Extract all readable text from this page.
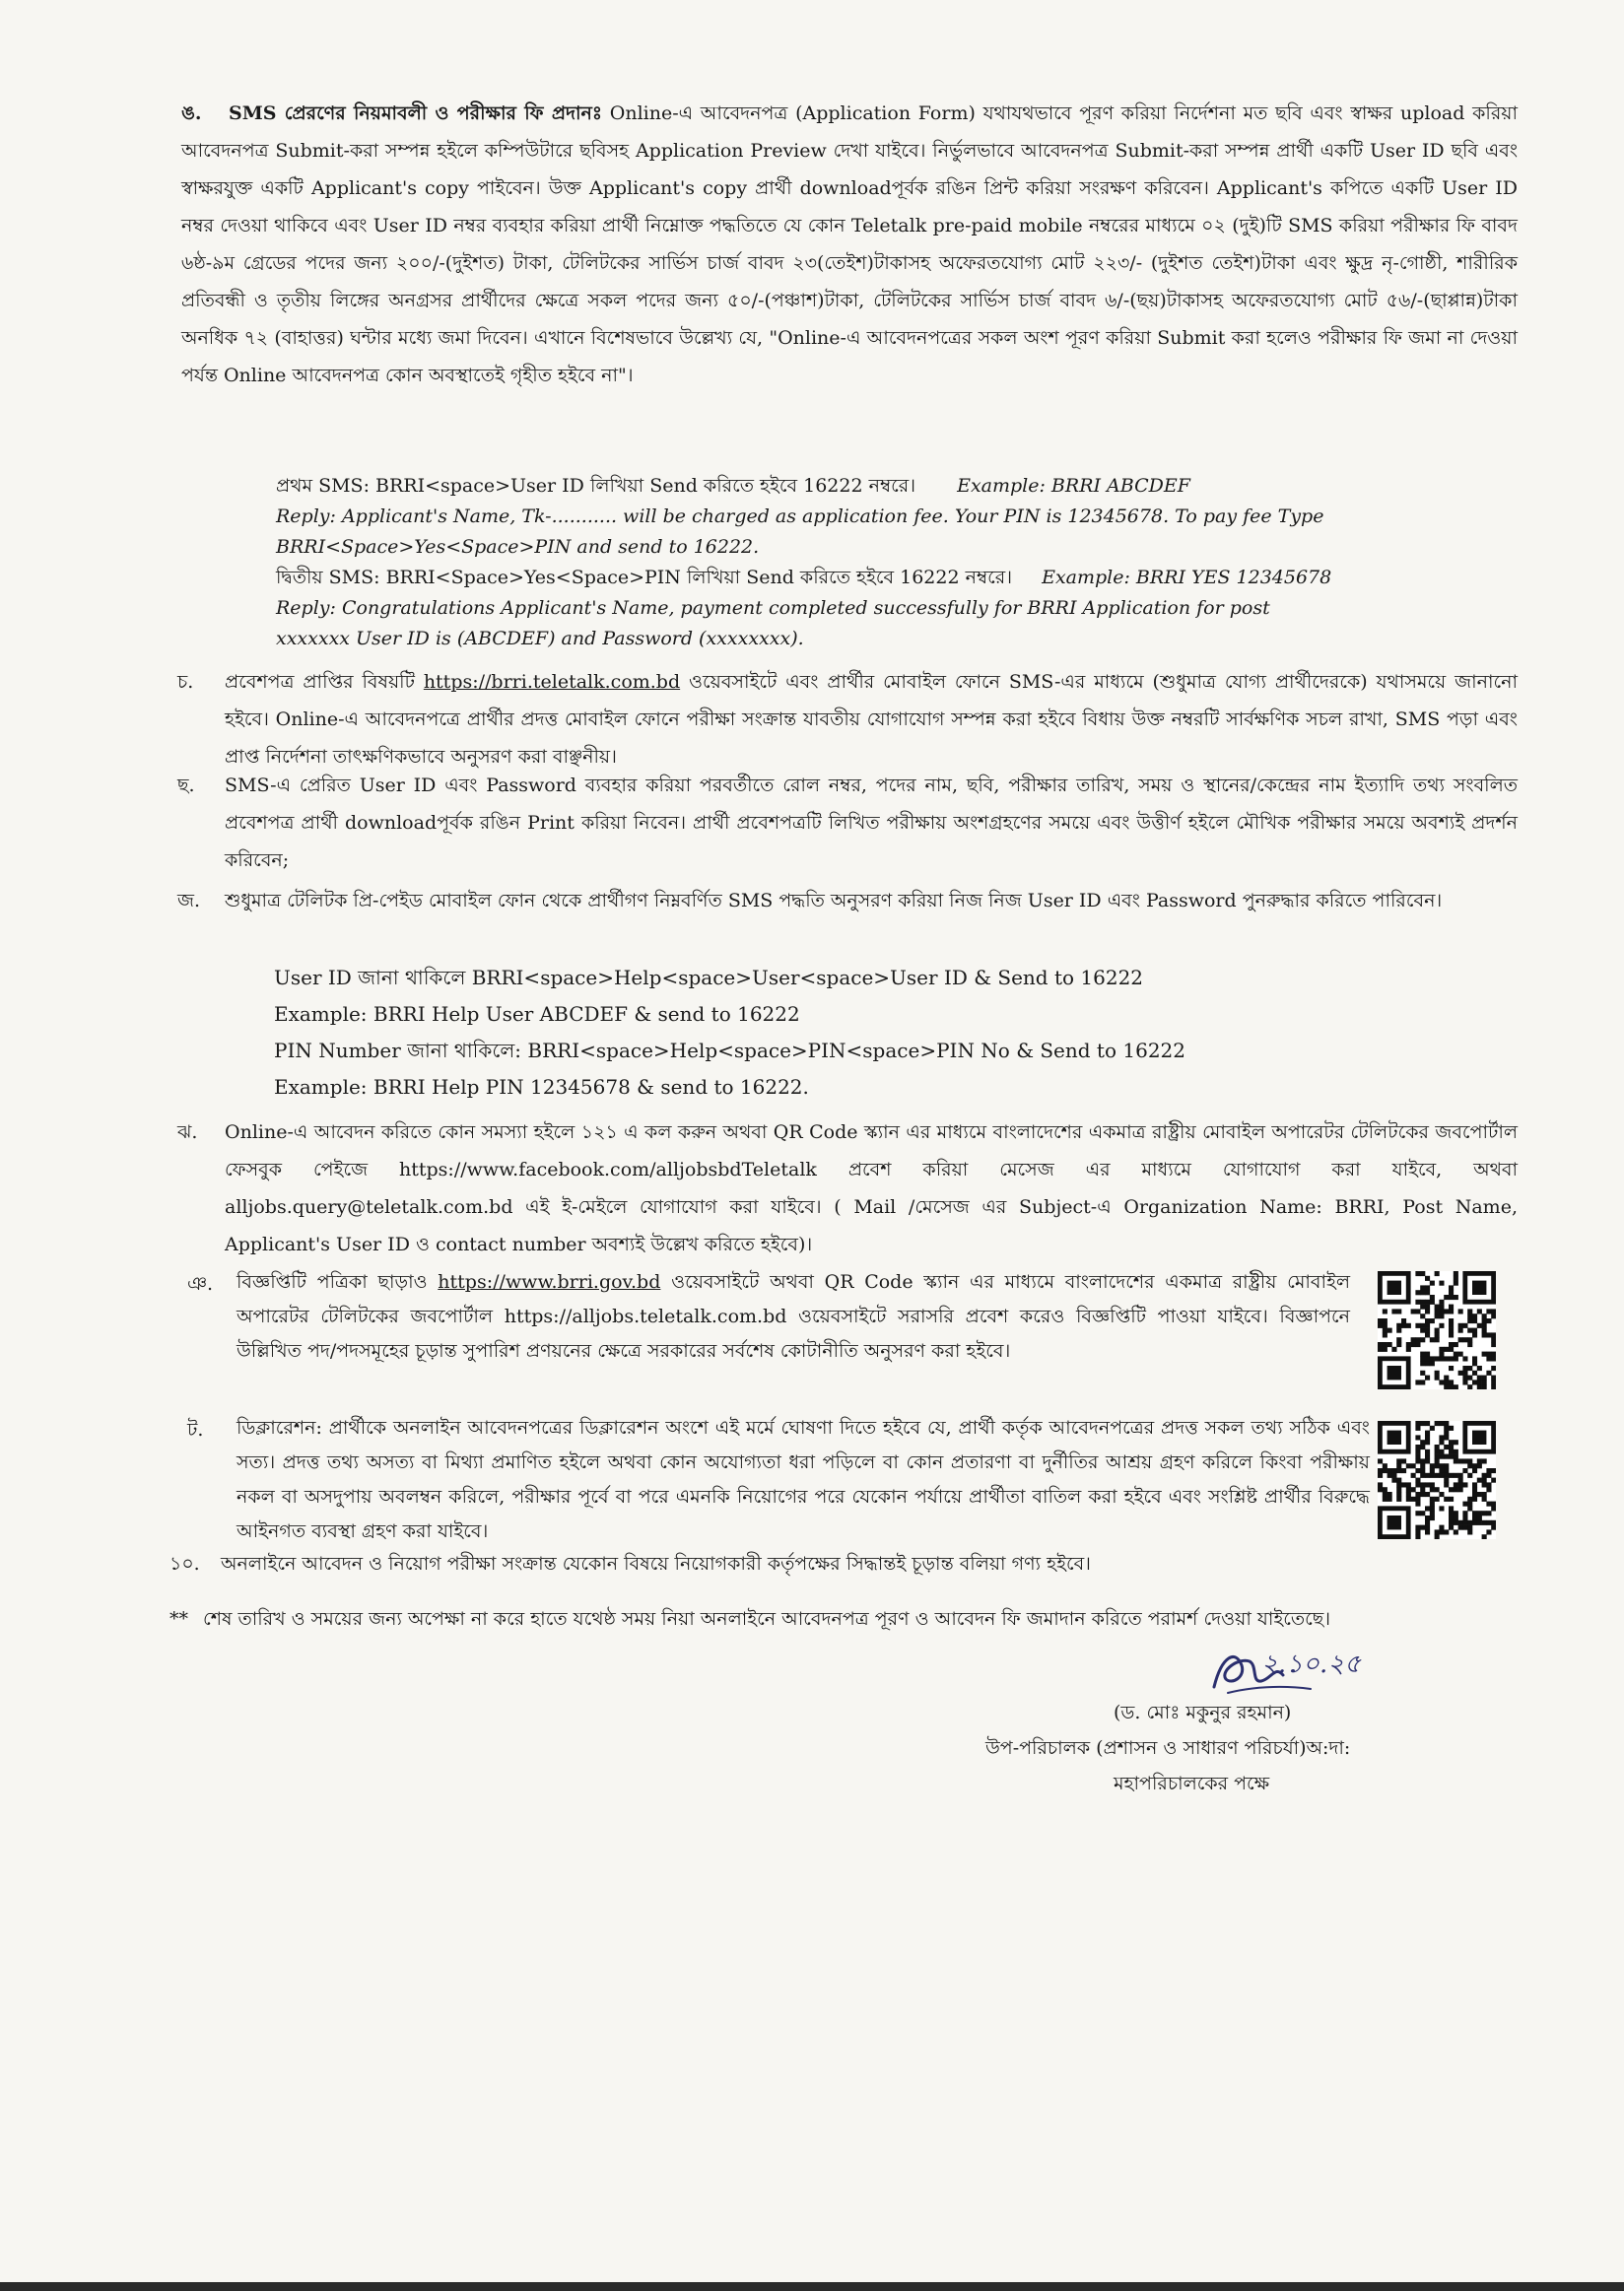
ঙ.	SMS প্রেরণের নিয়মাবলী ও পরীক্ষার ফি প্রদানঃ Online-এ আবেদনপত্র (Application Form) যথাযথভাবে পূরণ করিয়া নির্দেশনা মত ছবি এবং স্বাক্ষর upload করিয়া আবেদনপত্র Submit-করা সম্পন্ন হইলে কম্পিউটারে ছবিসহ Application Preview দেখা যাইবে। নির্ভুলভাবে আবেদনপত্র Submit-করা সম্পন্ন প্রার্থী একটি User ID ছবি এবং স্বাক্ষরযুক্ত একটি Applicant's copy পাইবেন। উক্ত Applicant's copy প্রার্থী downloadপূর্বক রঙিন প্রিন্ট করিয়া সংরক্ষণ করিবেন। Applicant's কপিতে একটি User ID নম্বর দেওয়া থাকিবে এবং User ID নম্বর ব্যবহার করিয়া প্রার্থী নিম্নোক্ত পদ্ধতিতে যে কোন Teletalk pre-paid mobile নম্বরের মাধ্যমে ০২ (দুই)টি SMS করিয়া পরীক্ষার ফি বাবদ ৬ষ্ঠ-৯ম গ্রেডের পদের জন্য ২০০/-(দুইশত) টাকা, টেলিটকের সার্ভিস চার্জ বাবদ ২৩(তেইশ)টাকাসহ অফেরতযোগ্য মোট ২২৩/- (দুইশত তেইশ)টাকা এবং ক্ষুদ্র নৃ-গোষ্ঠী, শারীরিক প্রতিবন্ধী ও তৃতীয় লিঙ্গের অনগ্রসর প্রার্থীদের ক্ষেত্রে সকল পদের জন্য ৫০/-(পঞ্চাশ)টাকা, টেলিটকের সার্ভিস চার্জ বাবদ ৬/-(ছয়)টাকাসহ অফেরতযোগ্য মোট ৫৬/-(ছাপ্পান্ন)টাকা অনধিক ৭২ (বাহাত্তর) ঘন্টার মধ্যে জমা দিবেন। এখানে বিশেষভাবে উল্লেখ্য যে, "Online-এ আবেদনপত্রের সকল অংশ পূরণ করিয়া Submit করা হলেও পরীক্ষার ফি জমা না দেওয়া পর্যন্ত Online আবেদনপত্র কোন অবস্থাতেই গৃহীত হইবে না"।
প্রথম SMS: BRRI<space>User ID লিখিয়া Send করিতে হইবে 16222 নম্বরে। Example: BRRI ABCDEF
Reply: Applicant's Name, Tk-........... will be charged as application fee. Your PIN is 12345678. To pay fee Type
BRRI<Space>Yes<Space>PIN and send to 16222.
দ্বিতীয় SMS: BRRI<Space>Yes<Space>PIN লিখিয়া Send করিতে হইবে 16222 নম্বরে। Example: BRRI YES 12345678
Reply: Congratulations Applicant's Name, payment completed successfully for BRRI Application for post
xxxxxxx User ID is (ABCDEF) and Password (xxxxxxxx).
চ. প্রবেশপত্র প্রাপ্তির বিষয়টি https://brri.teletalk.com.bd ওয়েবসাইটে এবং প্রার্থীর মোবাইল ফোনে SMS-এর মাধ্যমে (শুধুমাত্র যোগ্য প্রার্থীদেরকে) যথাসময়ে জানানো হইবে। Online-এ আবেদনপত্রে প্রার্থীর প্রদত্ত মোবাইল ফোনে পরীক্ষা সংক্রান্ত যাবতীয় যোগাযোগ সম্পন্ন করা হইবে বিধায় উক্ত নম্বরটি সার্বক্ষণিক সচল রাখা, SMS পড়া এবং প্রাপ্ত নির্দেশনা তাৎক্ষণিকভাবে অনুসরণ করা বাঞ্ছনীয়।
ছ. SMS-এ প্রেরিত User ID এবং Password ব্যবহার করিয়া পরবর্তীতে রোল নম্বর, পদের নাম, ছবি, পরীক্ষার তারিখ, সময় ও স্থানের/কেন্দ্রের নাম ইত্যাদি তথ্য সংবলিত প্রবেশপত্র প্রার্থী downloadপূর্বক রঙিন Print করিয়া নিবেন। প্রার্থী প্রবেশপত্রটি লিখিত পরীক্ষায় অংশগ্রহণের সময়ে এবং উত্তীর্ণ হইলে মৌখিক পরীক্ষার সময়ে অবশ্যই প্রদর্শন করিবেন;
জ. শুধুমাত্র টেলিটক প্রি-পেইড মোবাইল ফোন থেকে প্রার্থীগণ নিম্নবর্ণিত SMS পদ্ধতি অনুসরণ করিয়া নিজ নিজ User ID এবং Password পুনরুদ্ধার করিতে পারিবেন।
User ID জানা থাকিলে BRRI<space>Help<space>User<space>User ID & Send to 16222
Example: BRRI Help User ABCDEF & send to 16222
PIN Number জানা থাকিলে: BRRI<space>Help<space>PIN<space>PIN No & Send to 16222
Example: BRRI Help PIN 12345678 & send to 16222.
ঝ. Online-এ আবেদন করিতে কোন সমস্যা হইলে ১২১ এ কল করুন অথবা QR Code স্ক্যান এর মাধ্যমে বাংলাদেশের একমাত্র রাষ্ট্রীয় মোবাইল অপারেটর টেলিটকের জবপোর্টাল ফেসবুক পেইজে https://www.facebook.com/alljobsbdTeletalk প্রবেশ করিয়া মেসেজ এর মাধ্যমে যোগাযোগ করা যাইবে, অথবা alljobs.query@teletalk.com.bd এই ই-মেইলে যোগাযোগ করা যাইবে। ( Mail /মেসেজ এর Subject-এ Organization Name: BRRI, Post Name, Applicant's User ID ও contact number অবশ্যই উল্লেখ করিতে হইবে)।
ঞ. বিজ্ঞপ্তিটি পত্রিকা ছাড়াও https://www.brri.gov.bd ওয়েবসাইটে অথবা QR Code স্ক্যান এর মাধ্যমে বাংলাদেশের একমাত্র রাষ্ট্রীয় মোবাইল অপারেটর টেলিটকের জবপোর্টাল https://alljobs.teletalk.com.bd ওয়েবসাইটে সরাসরি প্রবেশ করেও বিজ্ঞপ্তিটি পাওয়া যাইবে। বিজ্ঞাপনে উল্লিখিত পদ/পদসমূহের চূড়ান্ত সুপারিশ প্রণয়নের ক্ষেত্রে সরকারের সর্বশেষ কোটানীতি অনুসরণ করা হইবে।
ট. ডিক্লারেশন: প্রার্থীকে অনলাইন আবেদনপত্রের ডিক্লারেশন অংশে এই মর্মে ঘোষণা দিতে হইবে যে, প্রার্থী কর্তৃক আবেদনপত্রের প্রদত্ত সকল তথ্য সঠিক এবং সত্য। প্রদত্ত তথ্য অসত্য বা মিথ্যা প্রমাণিত হইলে অথবা কোন অযোগ্যতা ধরা পড়িলে বা কোন প্রতারণা বা দুর্নীতির আশ্রয় গ্রহণ করিলে কিংবা পরীক্ষায় নকল বা অসদুপায় অবলম্বন করিলে, পরীক্ষার পূর্বে বা পরে এমনকি নিয়োগের পরে যেকোন পর্যায়ে প্রার্থীতা বাতিল করা হইবে এবং সংশ্লিষ্ট প্রার্থীর বিরুদ্ধে আইনগত ব্যবস্থা গ্রহণ করা যাইবে।
১০. অনলাইনে আবেদন ও নিয়োগ পরীক্ষা সংক্রান্ত যেকোন বিষয়ে নিয়োগকারী কর্তৃপক্ষের সিদ্ধান্তই চূড়ান্ত বলিয়া গণ্য হইবে।
** শেষ তারিখ ও সময়ের জন্য অপেক্ষা না করে হাতে যথেষ্ঠ সময় নিয়া অনলাইনে আবেদনপত্র পূরণ ও আবেদন ফি জমাদান করিতে পরামর্শ দেওয়া যাইতেছে।
২.১০.২৫
(ড. মোঃ মকুনুর রহমান)
উপ-পরিচালক (প্রশাসন ও সাধারণ পরিচর্যা)অ:দা:
মহাপরিচালকের পক্ষে
